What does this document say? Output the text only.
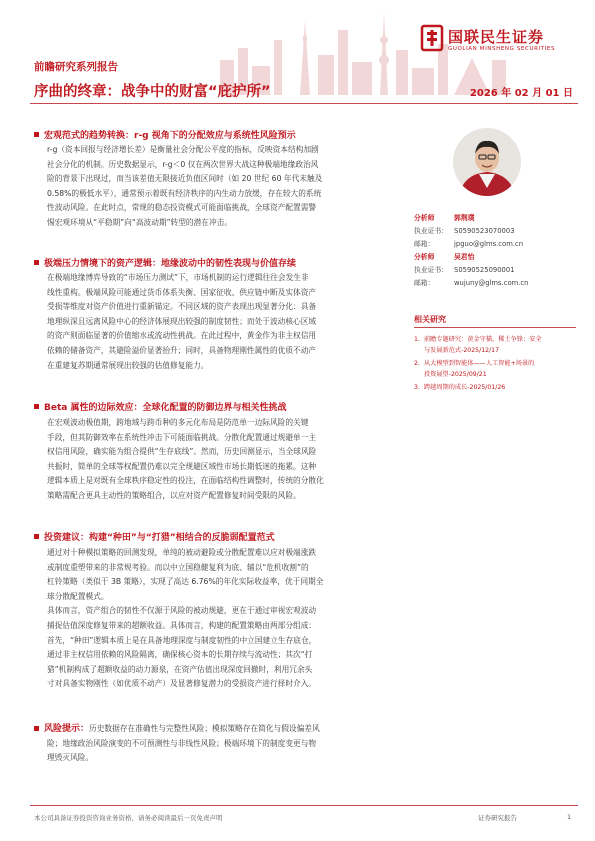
国联民生证券
GUOLIAN MINSHENG SECURITIES
前瞻研究系列报告
序曲的终章：战争中的财富“庇护所”	2026 年 02 月 01 日
宏观范式的趋势转换：r-g 视角下的分配效应与系统性风险预示
r-g（资本回报与经济增长差）是衡量社会分配公平度的指标，反映资本结构加剧
社会分化的机制。历史数据显示，r-g＜0 仅在两次世界大战这种极端地缘政治风
险的背景下出现过，而当该差值无限接近负值区间时（如 20 世纪 60 年代末触及
0.58%的极低水平），通常预示着既有经济秩序的内生动力放缓，存在较大的系统
性波动风险。在此时点，常规的稳态投资模式可能面临挑战，全球资产配置需警
惕宏观环境从“平稳期”向“高波动期”转型的潜在冲击。
极端压力情境下的资产逻辑：地缘波动中的韧性表现与价值存续
在极端地缘博弈导致的“市场压力测试”下，市场机制的运行逻辑往往会发生非
线性重构。极端风险可能通过货币体系失衡、国家征收、供应链中断及实体资产
受损等维度对资产价值进行重新锚定。不同区域的资产表现出现显著分化：具备
地理纵深且远离风险中心的经济体展现出较强的制度韧性；而处于波动核心区域
的资产则面临显著的价值缩水或流动性挑战。在此过程中，黄金作为非主权信用
依赖的储备资产，其避险溢价显著抬升；同时，具备物理刚性属性的优质不动产
在重建复苏期通常展现出较强的估值修复能力。
Beta 属性的边际效应：全球化配置的防御边界与相关性挑战
在宏观波动极值期，跨地域与跨币种的多元化布局是防范单一边际风险的关键
手段，但其防御效率在系统性冲击下可能面临挑战。分散化配置通过规避单一主
权信用风险，确实能为组合提供“生存底线”。然而，历史回测显示，当全球风险
共振时，简单的全球等权配置仍难以完全规避区域性市场长期低迷的拖累。这种
逻辑本质上是对既有全球秩序稳定性的投注，在面临结构性调整时，传统的分散化
策略需配合更具主动性的策略组合，以应对资产配置修复时间受限的风险。
投资建议：构建“种田”与“打猎”相结合的反脆弱配置范式
通过对十种模拟策略的回测发现，单纯的被动避险或分散配置难以应对极端涨跌
或制度重塑带来的非常规考验。而以中立国稳健复利为底、辅以“危机收割”的
杠铃策略（类似于 3B 策略），实现了高达 6.76%的年化实际收益率，优于同期全
球分散配置模式。
具体而言，资产组合的韧性不仅源于风险的被动规避，更在于通过审视宏观波动
捕捉估值深度修复带来的超额收益。具体而言，构建的配置策略由两部分组成：
首先，“种田”逻辑本质上是在具备地理深度与制度韧性的中立国建立生存底仓，
通过非主权信用依赖的风险隔离，确保核心资本的长期存续与流动性；其次“打
猎”机制构成了超额收益的动力源泉，在资产估值出现深度回撤时，利用冗余头
寸对具备实物刚性（如优质不动产）及显著修复潜力的受损资产进行择时介入。
风险提示：历史数据存在准确性与完整性风险；模拟策略存在简化与假设偏差风
险；地缘政治风险演变的不可预测性与非线性风险；极端环境下的制度变更与物
理毁灭风险。
分析师	郭荆璞
执业证书： S0590523070003
邮箱：	jpguo@glms.com.cn
分析师	吴君怡
执业证书： S0590525090001
邮箱：	wujuny@glms.com.cn
相关研究
1. 前瞻专题研究：黄金守猫，稀土争锋：安全
与发展新范式-2025/12/17
2. 从大模型到智能体——人工智能+场景的
投资展望-2025/09/21
3. 跨越周期的成长-2025/01/26
本公司具备证券投资咨询业务资格，请务必阅读最后一页免责声明	证券研究报告	1
